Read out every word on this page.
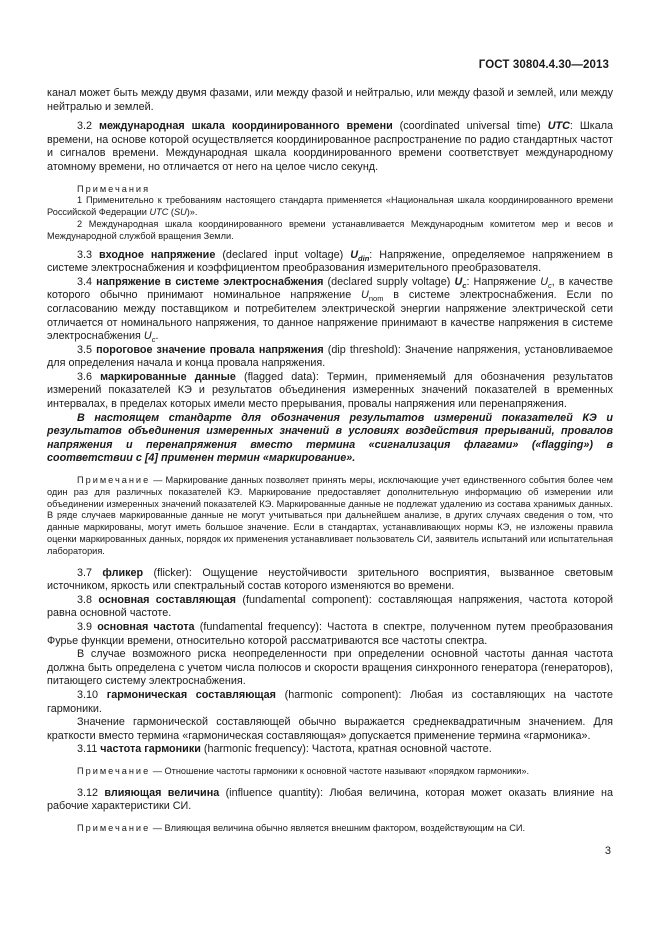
ГОСТ 30804.4.30—2013

канал может быть между двумя фазами, или между фазой и нейтралью, или между фазой и землей, или между нейтралью и землей.

3.2 международная шкала координированного времени (coordinated universal time) UTC: Шкала времени, на основе которой осуществляется координированное распространение по радио стандартных частот и сигналов времени. Международная шкала координированного времени соответствует международному атомному времени, но отличается от него на целое число секунд.

Примечания

1 Применительно к требованиям настоящего стандарта применяется «Национальная шкала координированного времени Российской Федерации UTC (SU)».

2 Международная шкала координированного времени устанавливается Международным комитетом мер и весов и Международной службой вращения Земли.

3.3 входное напряжение (declared input voltage) $U_{din}$: Напряжение, определяемое напряжением в системе электроснабжения и коэффициентом преобразования измерительного преобразователя.

3.4 напряжение в системе электроснабжения (declared supply voltage) $U_c$: Напряжение $U_c$, в качестве которого обычно принимают номинальное напряжение $U_{nom}$ в системе электроснабжения. Если по согласованию между поставщиком и потребителем электрической энергии напряжение электрической сети отличается от номинального напряжения, то данное напряжение принимают в качестве напряжения в системе электроснабжения $U_c$.

3.5 пороговое значение провала напряжения (dip threshold): Значение напряжения, установливаемое для определения начала и конца провала напряжения.

3.6 маркированные данные (flagged data): Термин, применяемый для обозначения результатов измерений показателей КЭ и результатов объединения измеренных значений показателей в временных интервалах, в пределах которых имели место прерывания, провалы напряжения или перенапряжения.

В настоящем стандарте для обозначения результатов измерений показателей КЭ и результатов объединения измеренных значений в условиях воздействия прерываний, провалов напряжения и перенапряжения вместо термина «сигнализация флагами» («flagging») в соответствии с [4] применен термин «маркирование».

Примечание — Маркирование данных позволяет принять меры, исключающие учет единственного события более чем один раз для различных показателей КЭ. Маркирование предоставляет дополнительную информацию об измерении или объединении измеренных значений показателей КЭ. Маркированные данные не подлежат удалению из состава хранимых данных. В ряде случаев маркированные данные не могут учитываться при дальнейшем анализе, в других случаях сведения о том, что данные маркированы, могут иметь большое значение. Если в стандартах, устанавливающих нормы КЭ, не изложены правила оценки маркированных данных, порядок их применения устанавливает пользователь СИ, заявитель испытаний или испытательная лаборатория.

3.7 фликер (flicker): Ощущение неустойчивости зрительного восприятия, вызванное световым источником, яркость или спектральный состав которого изменяются во времени.

3.8 основная составляющая (fundamental component): составляющая напряжения, частота которой равна основной частоте.

3.9 основная частота (fundamental frequency): Частота в спектре, полученном путем преобразования Фурье функции времени, относительно которой рассматриваются все частоты спектра.

В случае возможного риска неопределенности при определении основной частоты данная частота должна быть определена с учетом числа полюсов и скорости вращения синхронного генератора (генераторов), питающего систему электроснабжения.

3.10 гармоническая составляющая (harmonic component): Любая из составляющих на частоте гармоники.

Значение гармонической составляющей обычно выражается среднеквадратичным значением. Для краткости вместо термина «гармоническая составляющая» допускается применение термина «гармоника».

3.11 частота гармоники (harmonic frequency): Частота, кратная основной частоте.

Примечание — Отношение частоты гармоники к основной частоте называют «порядком гармоники».

3.12 влияющая величина (influence quantity): Любая величина, которая может оказать влияние на рабочие характеристики СИ.

Примечание — Влияющая величина обычно является внешним фактором, воздействующим на СИ.

3
